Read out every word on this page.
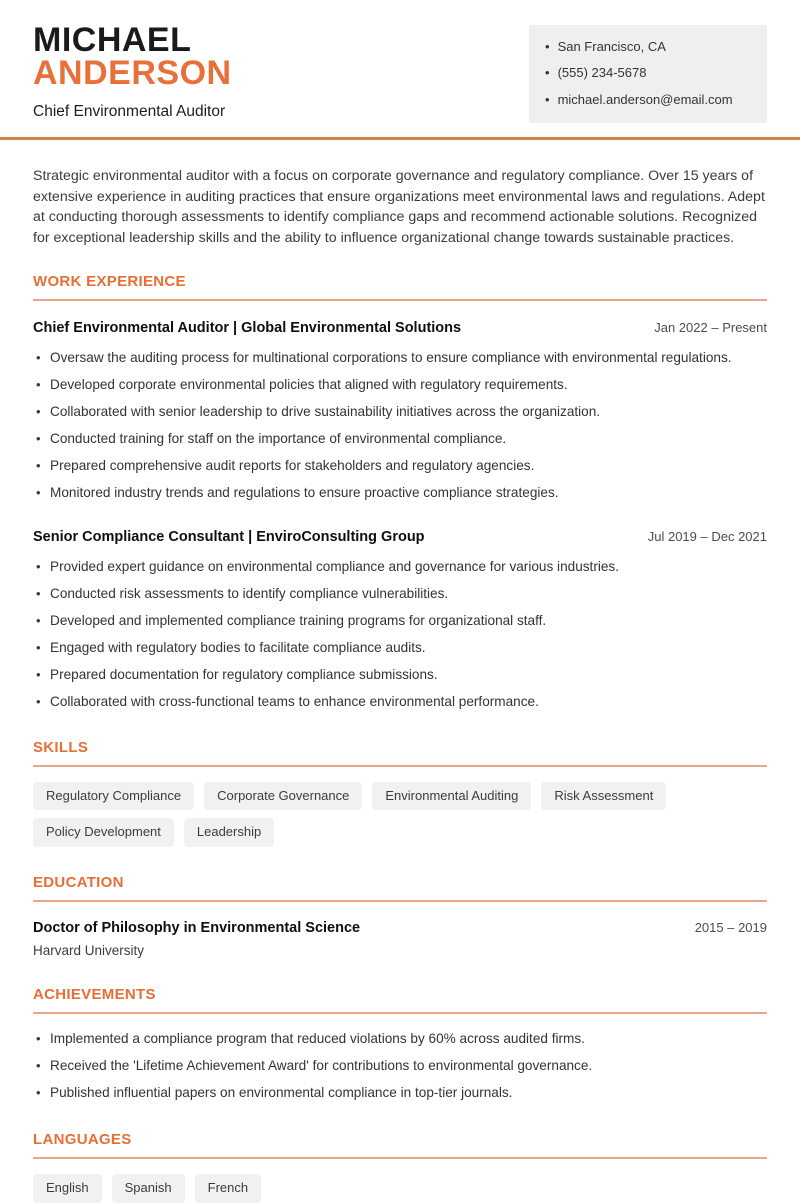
MICHAEL
ANDERSON
Chief Environmental Auditor
• San Francisco, CA
• (555) 234-5678
• michael.anderson@email.com

Strategic environmental auditor with a focus on corporate governance and regulatory compliance. Over 15 years of extensive experience in auditing practices that ensure organizations meet environmental laws and regulations. Adept at conducting thorough assessments to identify compliance gaps and recommend actionable solutions. Recognized for exceptional leadership skills and the ability to influence organizational change towards sustainable practices.

WORK EXPERIENCE
Chief Environmental Auditor | Global Environmental Solutions	Jan 2022 – Present
• Oversaw the auditing process for multinational corporations to ensure compliance with environmental regulations.
• Developed corporate environmental policies that aligned with regulatory requirements.
• Collaborated with senior leadership to drive sustainability initiatives across the organization.
• Conducted training for staff on the importance of environmental compliance.
• Prepared comprehensive audit reports for stakeholders and regulatory agencies.
• Monitored industry trends and regulations to ensure proactive compliance strategies.
Senior Compliance Consultant | EnviroConsulting Group	Jul 2019 – Dec 2021
• Provided expert guidance on environmental compliance and governance for various industries.
• Conducted risk assessments to identify compliance vulnerabilities.
• Developed and implemented compliance training programs for organizational staff.
• Engaged with regulatory bodies to facilitate compliance audits.
• Prepared documentation for regulatory compliance submissions.
• Collaborated with cross-functional teams to enhance environmental performance.
SKILLS
Regulatory Compliance	Corporate Governance	Environmental Auditing	Risk Assessment
Policy Development	Leadership
EDUCATION
Doctor of Philosophy in Environmental Science	2015 – 2019
Harvard University
ACHIEVEMENTS
• Implemented a compliance program that reduced violations by 60% across audited firms.
• Received the 'Lifetime Achievement Award' for contributions to environmental governance.
• Published influential papers on environmental compliance in top-tier journals.
LANGUAGES
English	Spanish	French
